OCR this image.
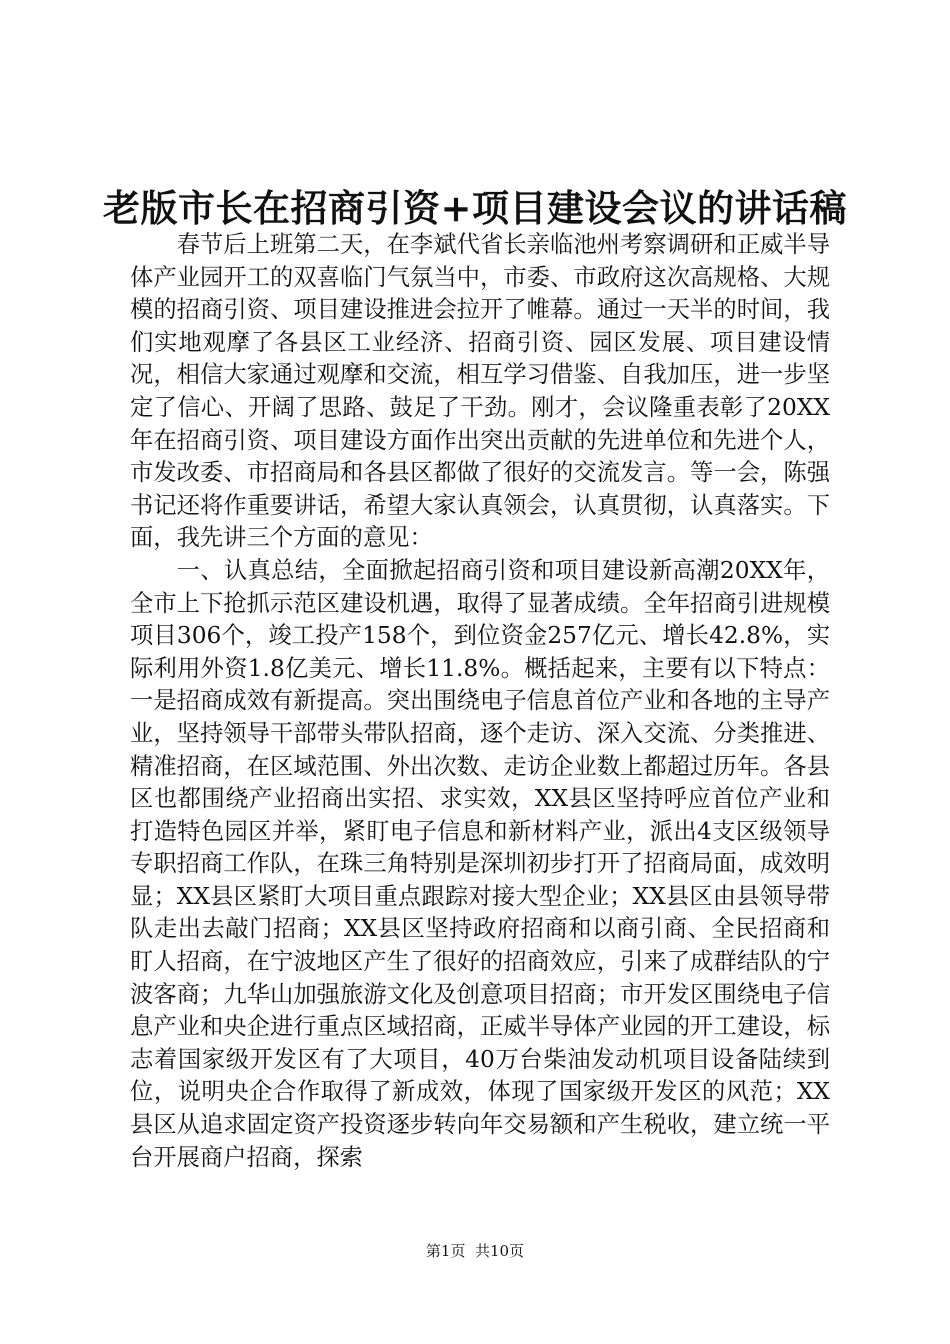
老版市长在招商引资+项目建设会议的讲话稿

春节后上班第二天，在李斌代省长亲临池州考察调研和正威半导体产业园开工的双喜临门气氛当中，市委、市政府这次高规格、大规模的招商引资、项目建设推进会拉开了帷幕。通过一天半的时间，我们实地观摩了各县区工业经济、招商引资、园区发展、项目建设情况，相信大家通过观摩和交流，相互学习借鉴、自我加压，进一步坚定了信心、开阔了思路、鼓足了干劲。刚才，会议隆重表彰了20XX年在招商引资、项目建设方面作出突出贡献的先进单位和先进个人，市发改委、市招商局和各县区都做了很好的交流发言。等一会，陈强书记还将作重要讲话，希望大家认真领会，认真贯彻，认真落实。下面，我先讲三个方面的意见：

一、认真总结，全面掀起招商引资和项目建设新高潮20XX年，全市上下抢抓示范区建设机遇，取得了显著成绩。全年招商引进规模项目306个，竣工投产158个，到位资金257亿元、增长42.8%，实际利用外资1.8亿美元、增长11.8%。概括起来，主要有以下特点：一是招商成效有新提高。突出围绕电子信息首位产业和各地的主导产业，坚持领导干部带头带队招商，逐个走访、深入交流、分类推进、精准招商，在区域范围、外出次数、走访企业数上都超过历年。各县区也都围绕产业招商出实招、求实效，XX县区坚持呼应首位产业和打造特色园区并举，紧盯电子信息和新材料产业，派出4支区级领导专职招商工作队，在珠三角特别是深圳初步打开了招商局面，成效明显；XX县区紧盯大项目重点跟踪对接大型企业；XX县区由县领导带队走出去敲门招商；XX县区坚持政府招商和以商引商、全民招商和盯人招商，在宁波地区产生了很好的招商效应，引来了成群结队的宁波客商；九华山加强旅游文化及创意项目招商；市开发区围绕电子信息产业和央企进行重点区域招商，正威半导体产业园的开工建设，标志着国家级开发区有了大项目，40万台柴油发动机项目设备陆续到位，说明央企合作取得了新成效，体现了国家级开发区的风范；XX县区从追求固定资产投资逐步转向年交易额和产生税收，建立统一平台开展商户招商，探索

第1页 共10页
